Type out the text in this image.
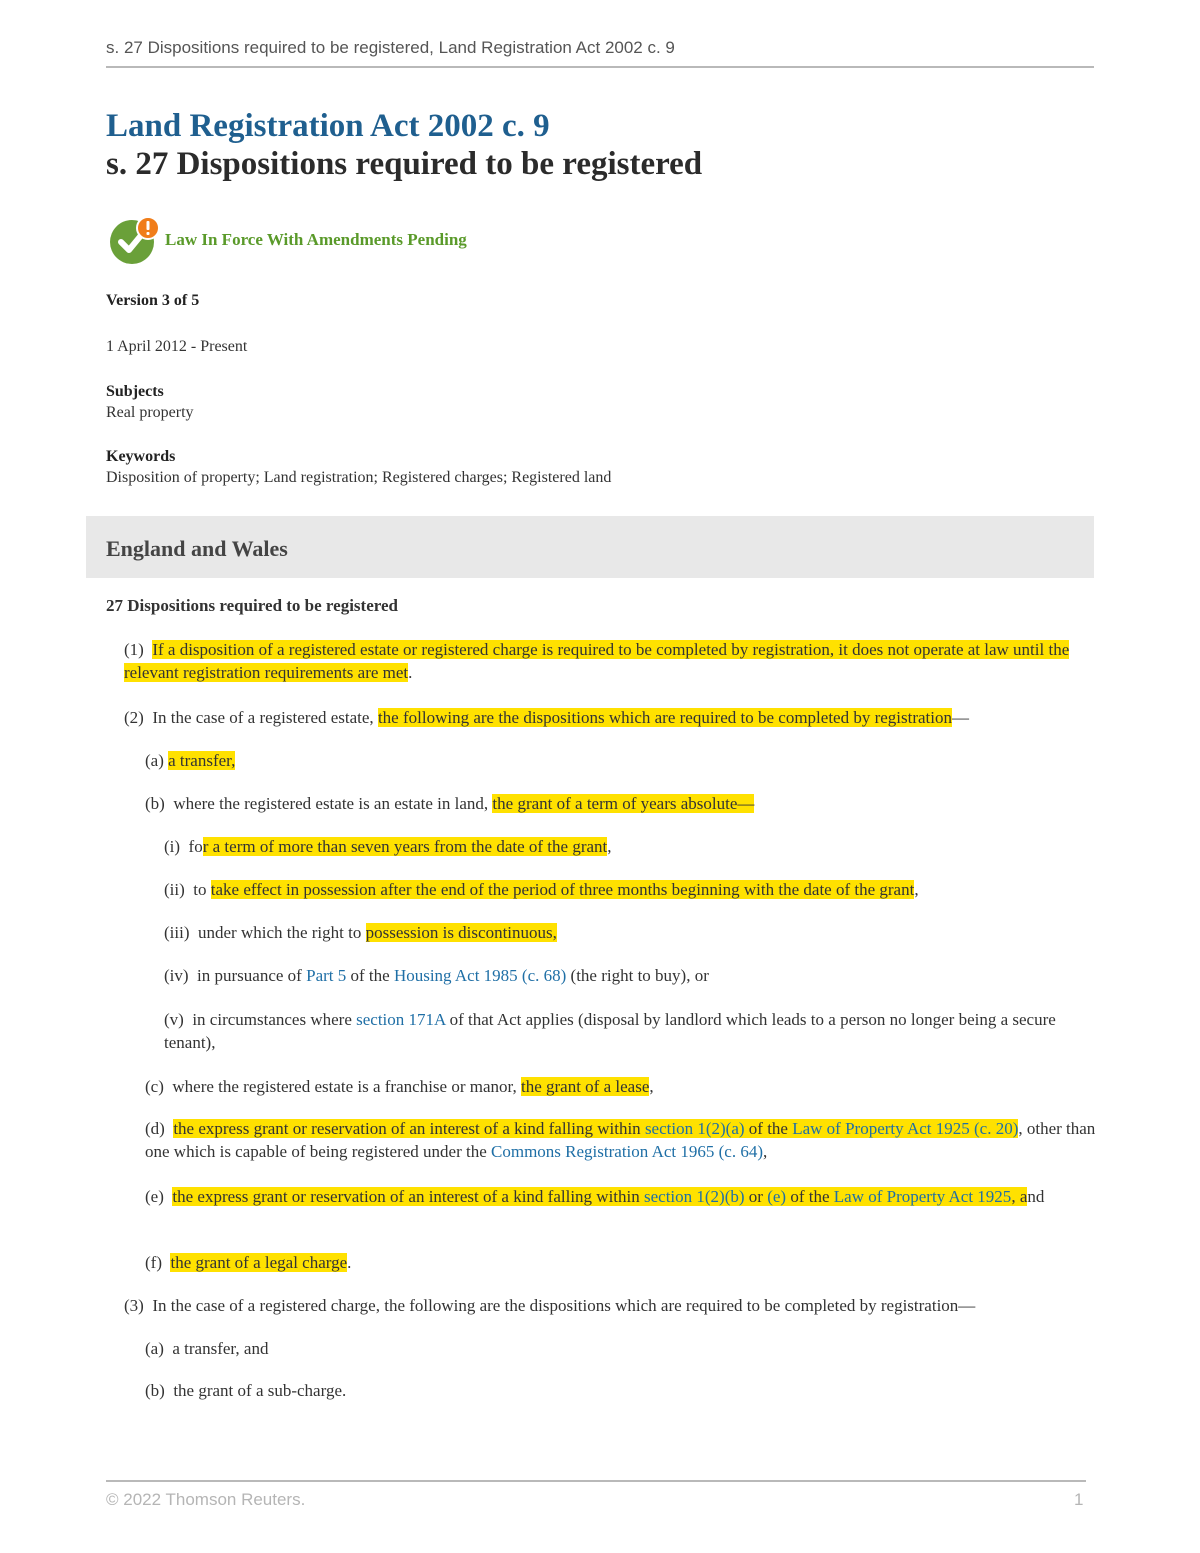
s. 27 Dispositions required to be registered, Land Registration Act 2002 c. 9
Land Registration Act 2002 c. 9
s. 27 Dispositions required to be registered
Law In Force With Amendments Pending
Version 3 of 5
1 April 2012 - Present
Subjects
Real property
Keywords
Disposition of property; Land registration; Registered charges; Registered land
England and Wales
27 Dispositions required to be registered
(1) If a disposition of a registered estate or registered charge is required to be completed by registration, it does not operate at law until the relevant registration requirements are met.
(2) In the case of a registered estate, the following are the dispositions which are required to be completed by registration—
(a) a transfer,
(b) where the registered estate is an estate in land, the grant of a term of years absolute—
(i) for a term of more than seven years from the date of the grant,
(ii) to take effect in possession after the end of the period of three months beginning with the date of the grant,
(iii) under which the right to possession is discontinuous,
(iv) in pursuance of Part 5 of the Housing Act 1985 (c. 68) (the right to buy), or
(v) in circumstances where section 171A of that Act applies (disposal by landlord which leads to a person no longer being a secure tenant),
(c) where the registered estate is a franchise or manor, the grant of a lease,
(d) the express grant or reservation of an interest of a kind falling within section 1(2)(a) of the Law of Property Act 1925 (c. 20), other than one which is capable of being registered under the Commons Registration Act 1965 (c. 64),
(e) the express grant or reservation of an interest of a kind falling within section 1(2)(b) or (e) of the Law of Property Act 1925, and
(f) the grant of a legal charge.
(3) In the case of a registered charge, the following are the dispositions which are required to be completed by registration—
(a) a transfer, and
(b) the grant of a sub-charge.
© 2022 Thomson Reuters.	1
